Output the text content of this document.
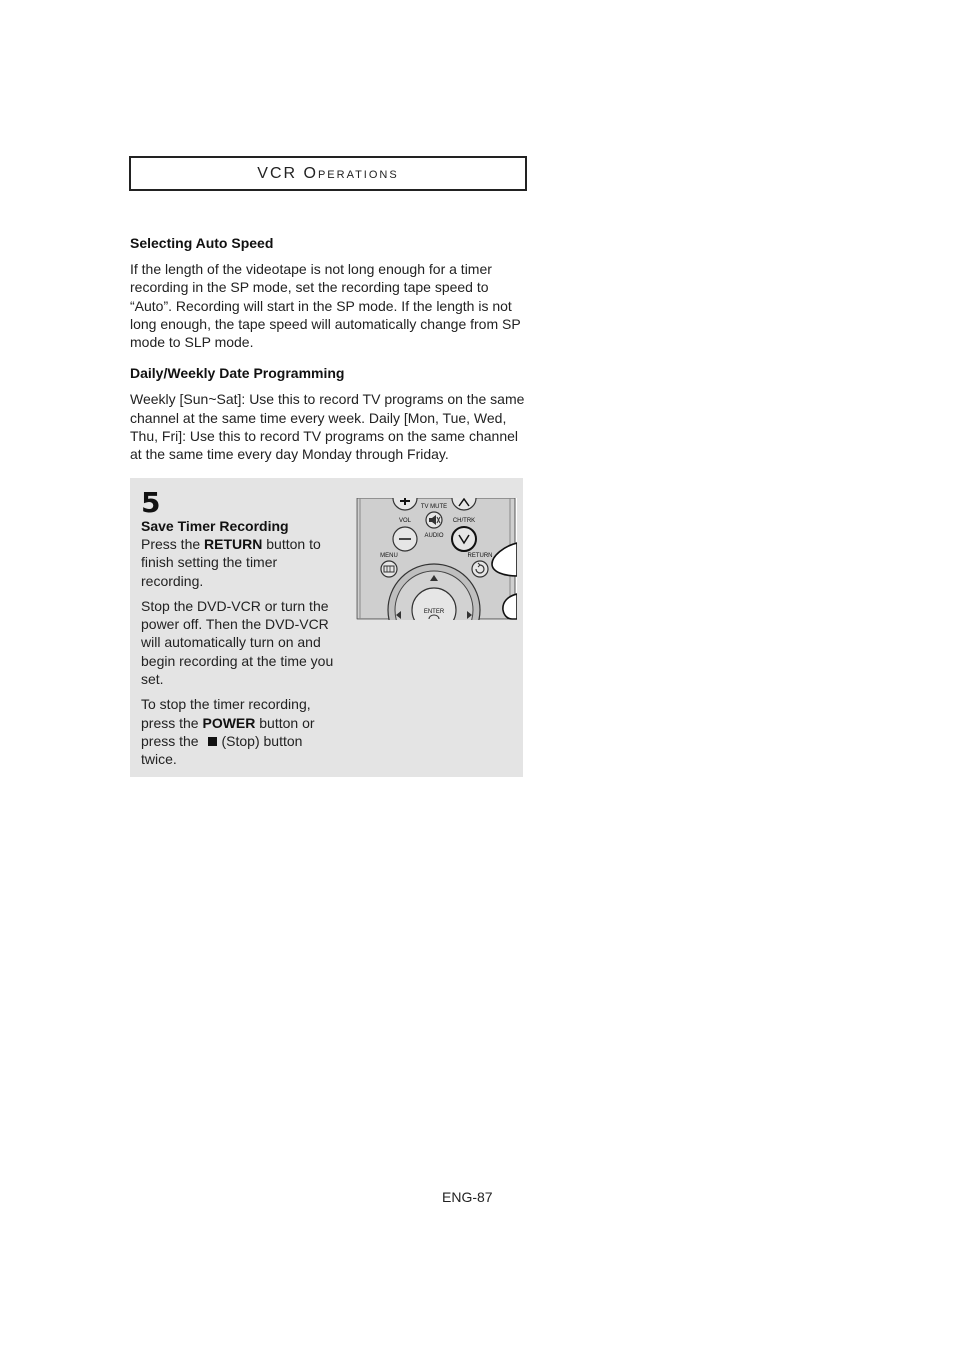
VCR Operations
Selecting Auto Speed

If the length of the videotape is not long enough for a timer recording in the SP mode, set the recording tape speed to “Auto”. Recording will start in the SP mode. If the length is not long enough, the tape speed will automatically change from SP mode to SLP mode.

Daily/Weekly Date Programming

Weekly [Sun~Sat]: Use this to record TV programs on the same channel at the same time every week. Daily [Mon, Tue, Wed, Thu, Fri]: Use this to record TV programs on the same channel at the same time every day Monday through Friday.

5
Save Timer Recording

Press the RETURN button to finish setting the timer recording.

Stop the DVD-VCR or turn the power off. Then the DVD-VCR will automatically turn on and begin recording at the time you set.

To stop the timer recording, press the POWER button or press the (Stop) button twice.

TV MUTE
VOL	CH/TRK
AUDIO
MENU	RETURN
ENTER
ENG-87
